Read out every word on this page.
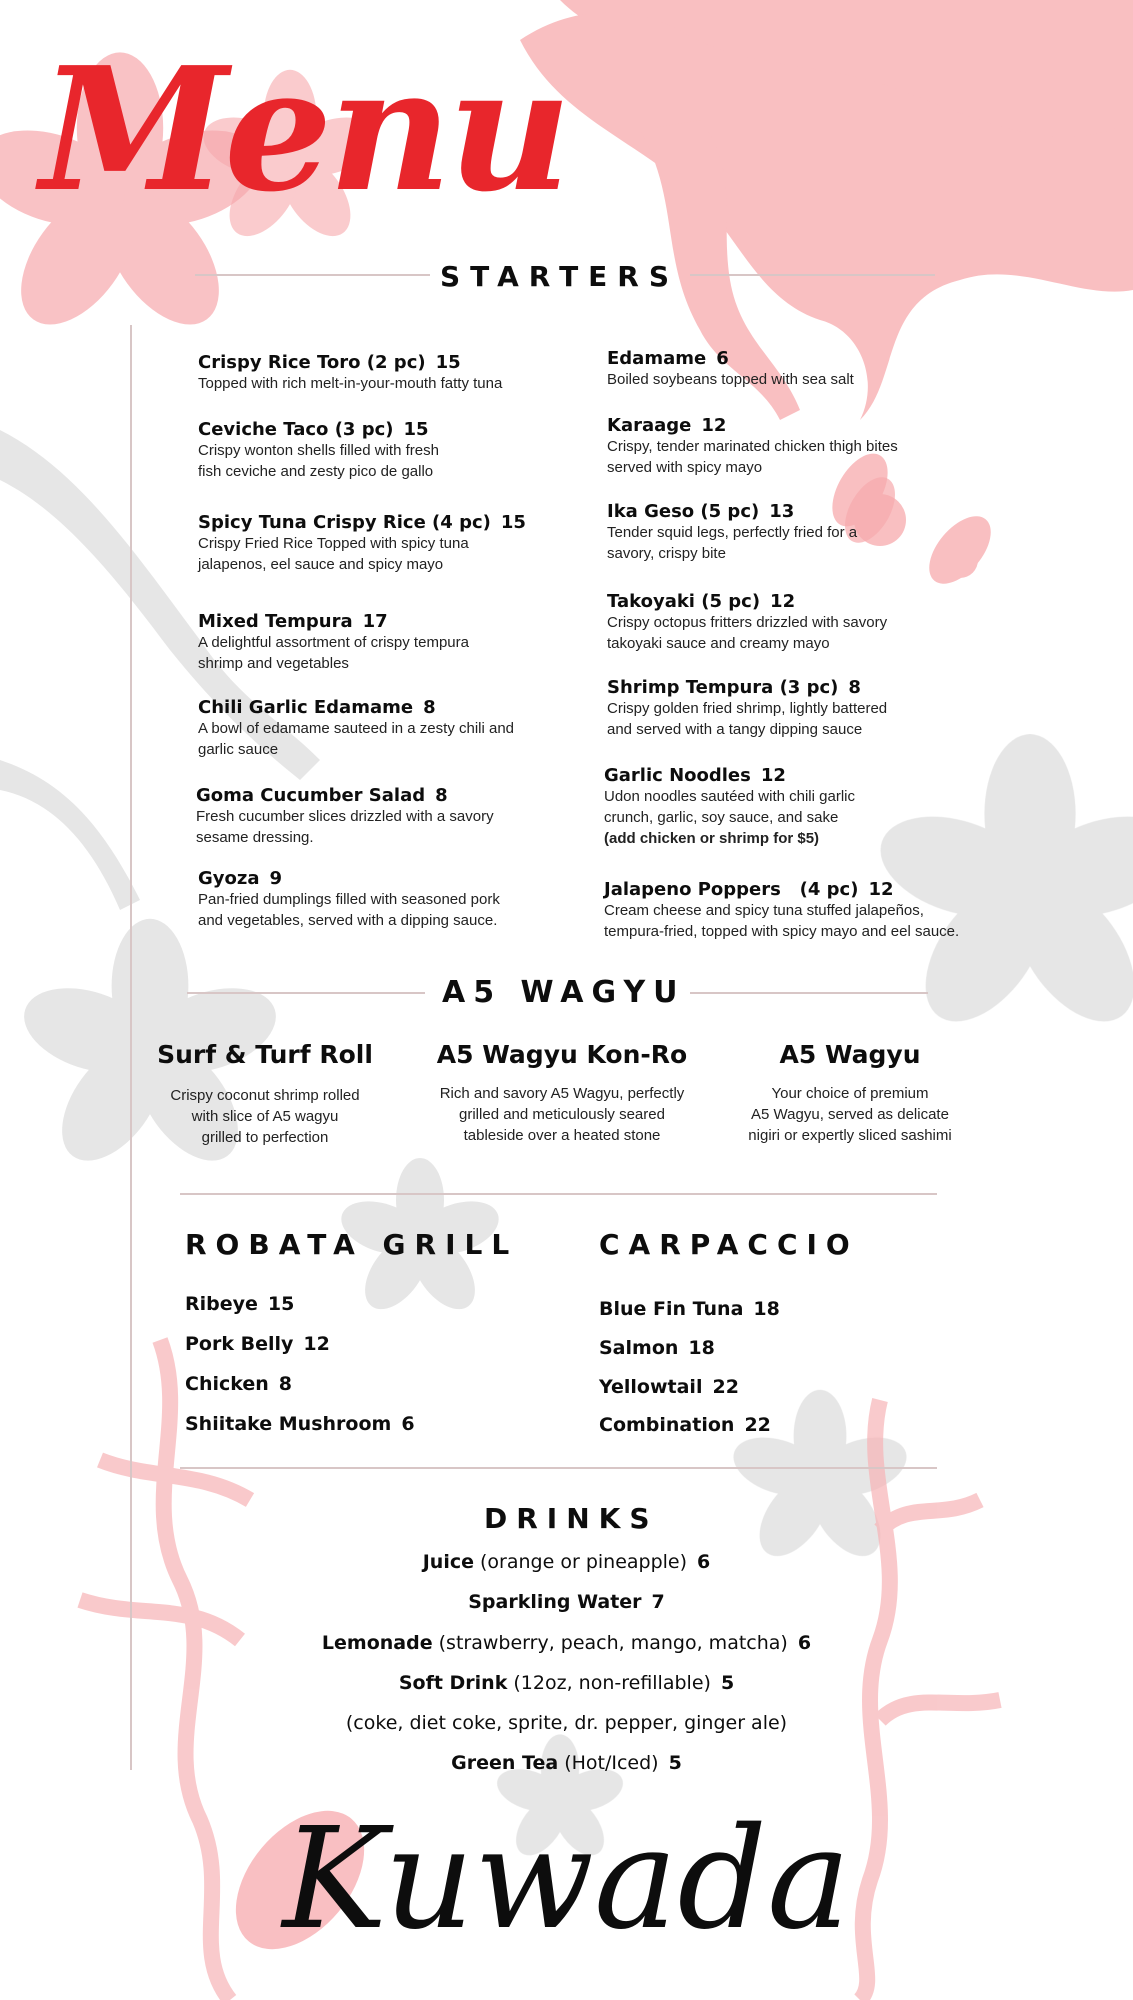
Menu
STARTERS
Crispy Rice Toro (2 pc) 15
Topped with rich melt-in-your-mouth fatty tuna
Ceviche Taco (3 pc) 15
Crispy wonton shells filled with fresh
fish ceviche and zesty pico de gallo
Spicy Tuna Crispy Rice (4 pc) 15
Crispy Fried Rice Topped with spicy tuna
jalapenos, eel sauce and spicy mayo
Mixed Tempura 17
A delightful assortment of crispy tempura
shrimp and vegetables
Chili Garlic Edamame 8
A bowl of edamame sauteed in a zesty chili and
garlic sauce
Goma Cucumber Salad 8
Fresh cucumber slices drizzled with a savory
sesame dressing.
Gyoza 9
Pan-fried dumplings filled with seasoned pork
and vegetables, served with a dipping sauce.
Edamame 6
Boiled soybeans topped with sea salt
Karaage 12
Crispy, tender marinated chicken thigh bites
served with spicy mayo
Ika Geso (5 pc) 13
Tender squid legs, perfectly fried for a
savory, crispy bite
Takoyaki (5 pc) 12
Crispy octopus fritters drizzled with savory
takoyaki sauce and creamy mayo
Shrimp Tempura (3 pc) 8
Crispy golden fried shrimp, lightly battered
and served with a tangy dipping sauce
Garlic Noodles 12
Udon noodles sautéed with chili garlic
crunch, garlic, soy sauce, and sake
(add chicken or shrimp for $5)
Jalapeno Poppers   (4 pc) 12
Cream cheese and spicy tuna stuffed jalapeños,
tempura-fried, topped with spicy mayo and eel sauce.
A5 WAGYU
Surf & Turf Roll
Crispy coconut shrimp rolled
with slice of A5 wagyu
grilled to perfection
A5 Wagyu Kon-Ro
Rich and savory A5 Wagyu, perfectly
grilled and meticulously seared
tableside over a heated stone
A5 Wagyu
Your choice of premium
A5 Wagyu, served as delicate
nigiri or expertly sliced sashimi
ROBATA GRILL
Ribeye 15
Pork Belly 12
Chicken 8
Shiitake Mushroom 6
CARPACCIO
Blue Fin Tuna 18
Salmon 18
Yellowtail 22
Combination 22
DRINKS
Juice (orange or pineapple) 6
Sparkling Water 7
Lemonade (strawberry, peach, mango, matcha) 6
Soft Drink (12oz, non-refillable) 5
(coke, diet coke, sprite, dr. pepper, ginger ale)
Green Tea (Hot/Iced) 5
Kuwada
